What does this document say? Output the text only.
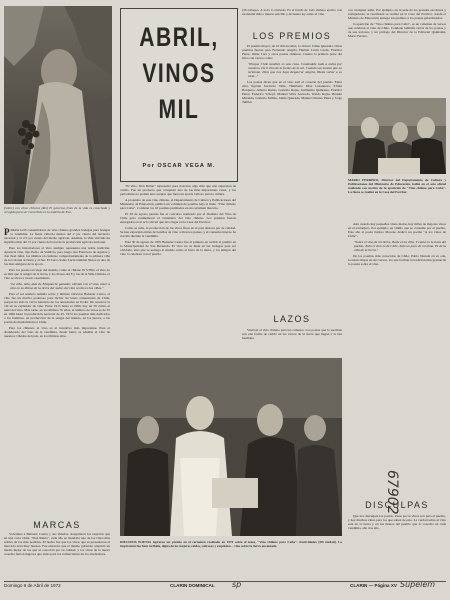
(Sobre) con vinos chilenos (Ret) El generoso fruto de la vida es cosechada y recogida para ser convertido en la materia de Eva.
ABRIL,
VINOS
MIL
Por OSCAR VEGA M.

PPARA LOS consumidores de vino chileno grandes bodegas para festejar la vendimia. La fiesta vinicola menos del 2 por ciento del territorio nacional y el 2,5 por ciento del medio agricola. Además, la viña vitivinicola significa más del 15 por ciento del total de la producción agricola nacional.

Para los historiadores el vino siempre representa una noble tradición. Aparecía vino, tipo Pedro de Valdivia, pero luego don Francisco de Aguirre y don Juan Jufré, los últimos en cuidarse comprobadamente de la primera viña de la Colonia al Norte y al Sur. El Cerro Santa Lucía también Nutoa es uno de los más antiguos de la época.

Para los poetas tan viejo del mundo, como el chileno El VINO, el vino no es más que la sangre de la tierra, y los dioses del 8 y los de la Viña Chilena, el vino se eleva a cuarto casamiento.

"La viña, niña, alza de Eliopanche ganador, oliendo con el vino, amor a vino en su último de la tierra del sudor, del vino oculto en las viñas."

Para el sol sendero sumido sobre y últimas vitruvias Baltazar Castro, el vino fue un motivo poderoso para incitar las lunas comenzadas de Chile, porque ha sido la vid la herencia de los ancestrales en Poder. De nosotros la vid en su esplendor de vino. Entre 1915 hasta el 1969, hay un 30 ciento el tema del vino. Más tarde, en los últimos 70 años, el número de vinos es de 35 en 1969 hasta la producción nacional de 45, 1974 los poemas más dedicados a los hombres, en producción de la sangre del mundo, en los jueces, a los poetas de mentalidad por Chile.

Para los chilenos el vino es el incentivo más importante. Para el abanderado del vino de la vendimia, desde fuera, es además el vino de nuestros viñedos del país, en los últimos años.

MARCAS

Volvamos a Baltazar Castro y sus viñedos. Aseguraron los expertos que en una corta visita, "Don Rubio", cada año se instalaba uno de los vinos más nobles de los más posibles. El hecho fue que los vinos que se presentaron al mercado eran muy buenos. Fue entonces que el mismo gobierno adquirió un medio mejor de los que se conocían por su calidad, y los vinos de la nueva cosecha fueron mejores que antes para los comerciantes de los alrededores.

"El vino, Don Rubio" representó para nosotros algo más que una expresión de cariño. Fue un producto que conquistó una de las más importantes casas, y los periodistas no podían sino aceptar que fuera un aporte valioso para la cultura.

A propósito de este vino chileno, el Departamento de Cultura y Publicaciones del Ministerio de Educación, publicó un volumen de poemas bajo el título "Vino chileno para Cuba". Contiene los 16 poemas premiados en un certamen literario.

El 30 de agosto pasado fue el concurso realizado por el Instituto del Vino de Chile para conmemorar el centenario del vino chileno. Los premios fueron entregados en el acto oficial que tuvo lugar en la Casa del Escritor.

Como se sabe, la producción de los vinos finos en el país destaca por su calidad. Se han exportado miles de botellas de vino a diversos países, y el consumo interno ha crecido durante la vendimia.

Este 30 de agosto de 1970 Baltazar Castro fue el primero en recibir el premio en la Municipalidad de San Bernardo. El vino no se mete en las bodegas para ser olvidado, sino que se entrega al mundo como el fruto de la tierra, y los amigos del vino lo celebran con el pueblo.

(36 trabajos. A todo lo enviado. Es el fondo de toda chileno escrito con un detalle más o menos sencillo y de buena ley sobre el vino.

LOS PREMIOS

El premio mayor, de 10 mil escudos, lo obtuvo Jaime Quezada. Otros premios fueron para Fernando Alegría, Hernán Lavín Cerda, Floridor Pérez, Omar Lara y otros poetas chilenos. Cuenta la primera parte del libro con versos como:

"Porque Chile también es una cosa. Contándole todo a todos por nosotros. De ti vino de tu frente, de tu sol. Cuando sus mostos que no terminan. Para que nos haya desgarrar alegría, Hasta volver a su casa..."

Los poetas dicen que en el vino está el corazón del pueblo. Entre ellos figuran Juvencio Valle, Humberto Díaz Casanueva, Efraín Barquero, Alberto Rubio, Gonzalo Rojas, Guillermo Quiñones, Floridor Pérez, Federico Schopf, Manuel Silva Acevedo, Waldo Rojas, Hernán Miranda, Gonzalo Millán, Jaime Quezada, Manuel Orestes Plaza y Jorge Teillier.

LAZOS

Vuelvan al vino chileno para los cubanos. Los poetas que lo escriben son una forma de cariño en los versos de la tierra que llegan a la isla hermana.

MARIO FERRERO, Director del Departamento de Cultura y Publicaciones del Ministerio de Educación, habló en el acto oficial realizado con motivo de la aparición de "Vino chileno para Cuba". La fiesta se realizó en la Casa del Escritor.

con cualquier tema. Por ejemplo, en la sede de los grandes escritores y trabajadores, la ceremonia se realizó en la Casa del Escritor, donde el Ministro de Educación entregó los premios a los poetas galardonados.

la aparición de "Vino chileno para Cuba", es un volumen de versos que celebran el vino de Chile. Contiene también cartas de los poetas y de sus lectores, y un prólogo del Director de la Editorial Quimantú, Mario Ferrero.

Aún cuando hay pequeños vinos malos, hay miles de mejores vinos en el extranjero. Por ejemplo, un vinillo que se consume por el pueblo. Este año el poeta Isidoro Moreno dedicó un poema "A los vinos de Chile".

"Sobre el vino de mi tierra, Baile en la viña, Y canta en la boca del pueblo, Todo el vino es de Chile, Sólo un poco de mi alma, Es de la viña de la tierra."

De los poemas más conocidos de Chile: Pablo Neruda en su oda, Gonzalo Rojas en sus versos, los que forman la tradición más grande de la poesía sobre el vino.

DISCULPAS

Que nos disculpen los poetas. Unos pocos vinos son para el pueblo, y hay muchos vinos para los que saben de esto. La verdad sobre el vino está en la tierra y en las manos del pueblo que lo cosecha en cada vendimia, año tras año.

DIECISEIS POETAS lograron un premio en el certamen realizado en 1970 sobre el tema, "Vino chileno para Cuba". Festividades (Mi ciudad). La inspiración fue bien recibida, digna de los mejores caldos, sabrosos y exquisitos... vino sobre la tierra encantada.
67902
Supelem
sp
Domingo 9 de Abril de 1972	CLARIN DOMINICAL	CLARIN — Página XV
